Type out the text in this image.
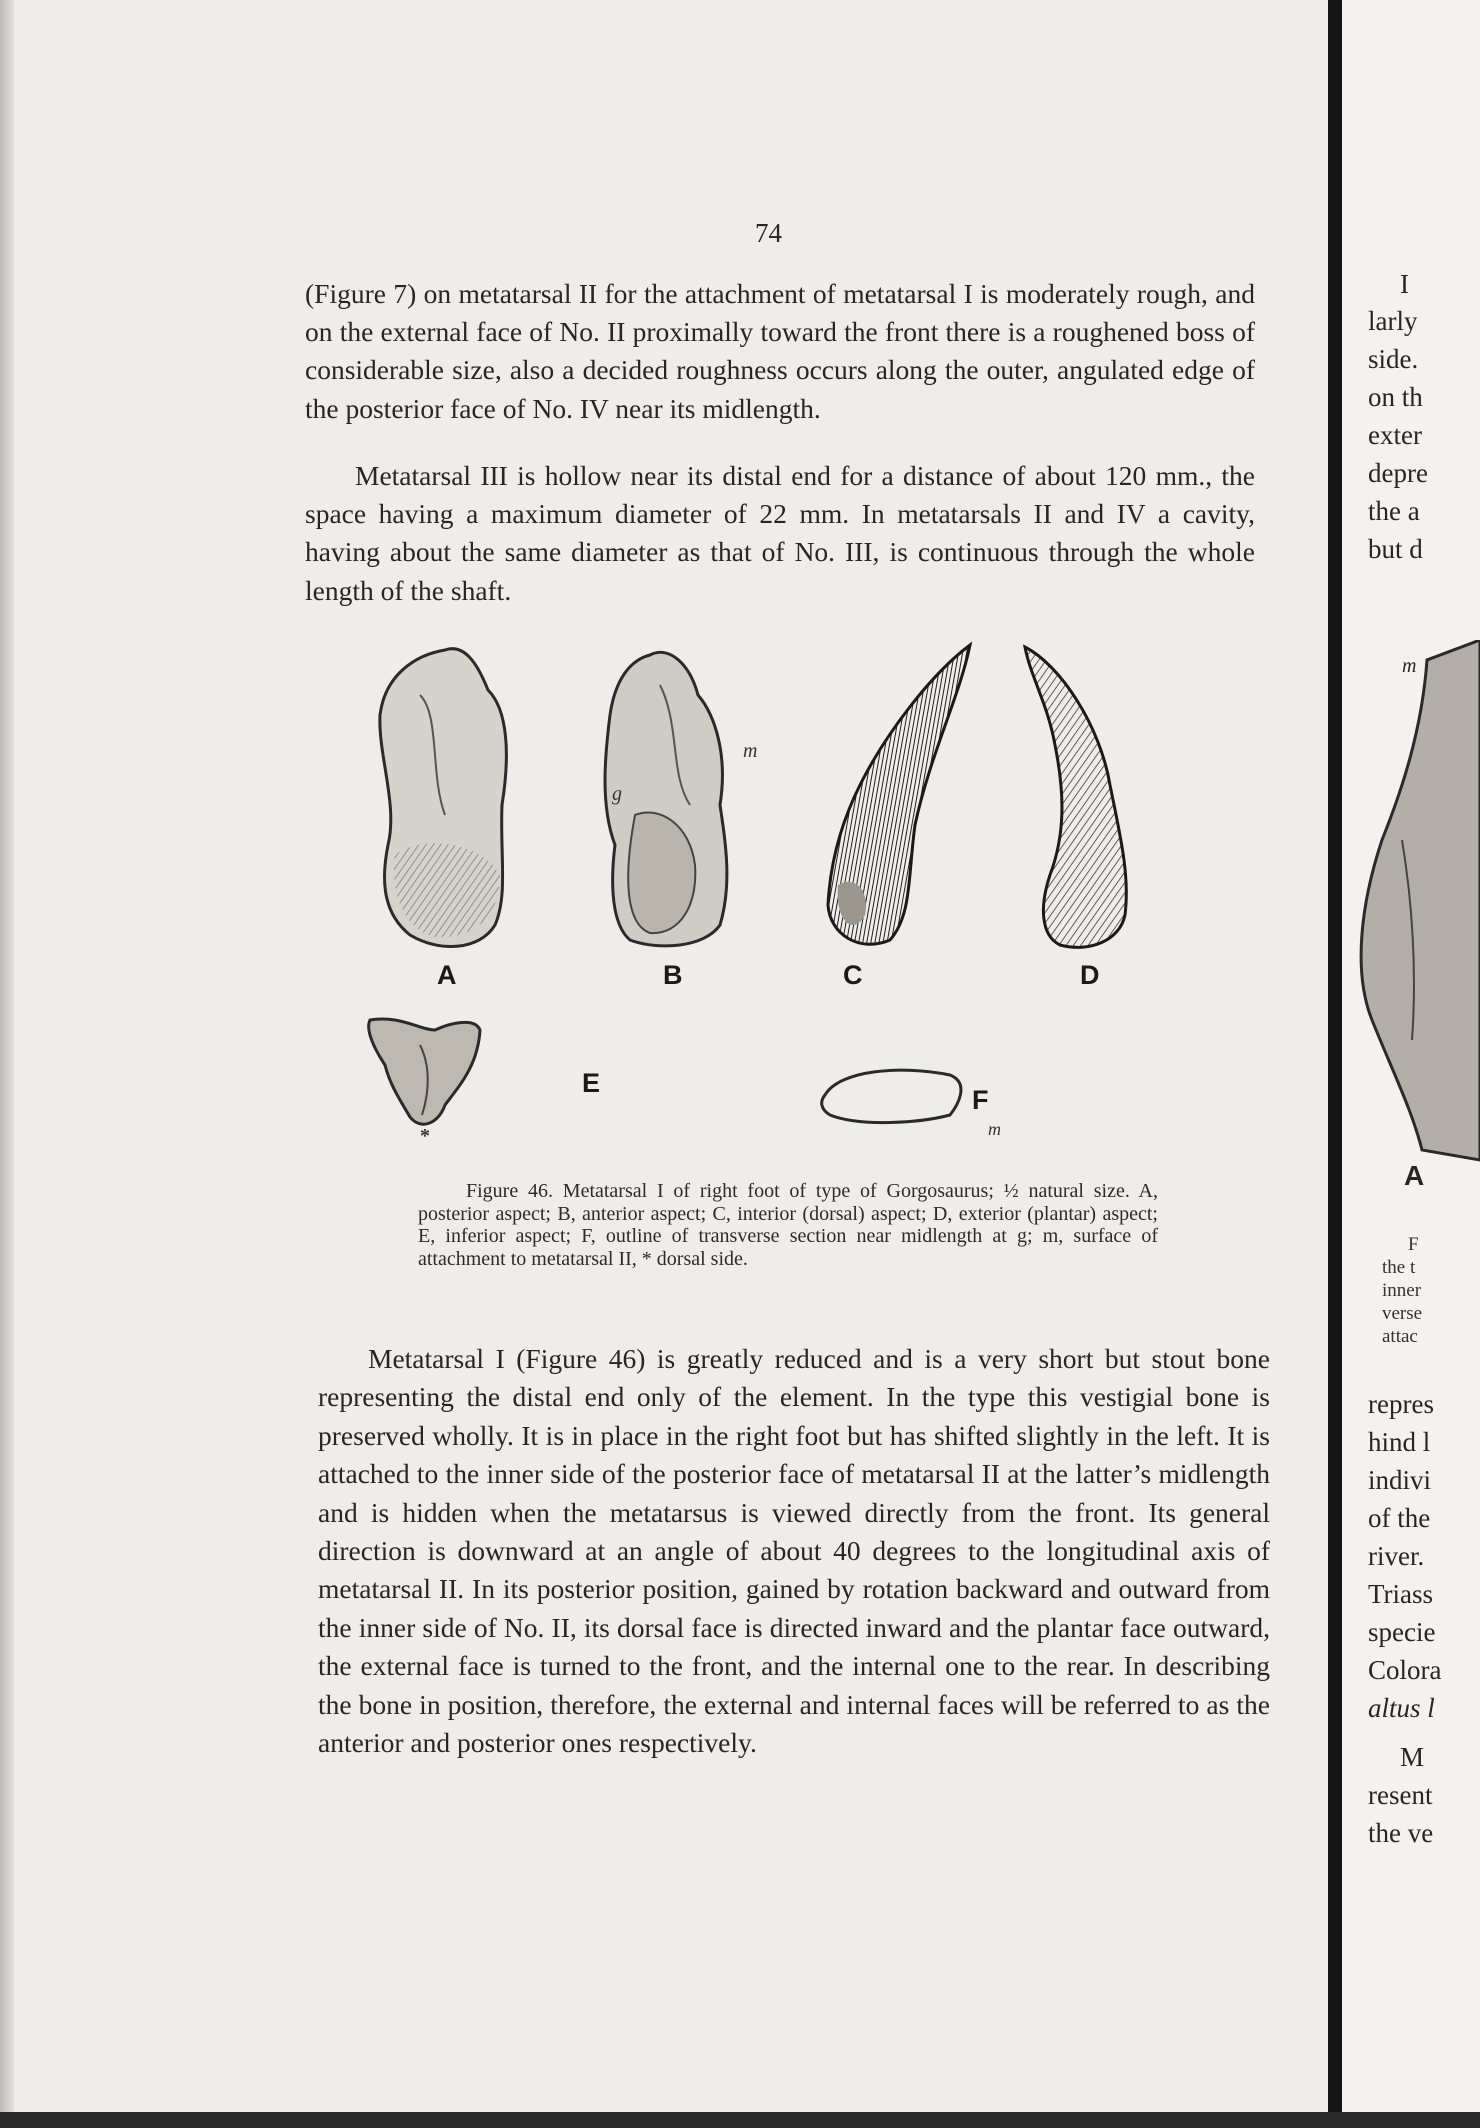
74

(Figure 7) on metatarsal II for the attachment of metatarsal I is moderately rough, and on the external face of No. II proximally toward the front there is a roughened boss of considerable size, also a decided roughness occurs along the outer, angulated edge of the posterior face of No. IV near its midlength.

Metatarsal III is hollow near its distal end for a distance of about 120 mm., the space having a maximum diameter of 22 mm. In metatarsals II and IV a cavity, having about the same diameter as that of No. III, is continuous through the whole length of the shaft.

A	B	C	D
E
F
g
m
m
*

Figure 46. Metatarsal I of right foot of type of Gorgosaurus; ½ natural size. A, posterior aspect; B, anterior aspect; C, interior (dorsal) aspect; D, exterior (plantar) aspect; E, inferior aspect; F, outline of transverse section near midlength at g; m, surface of attachment to metatarsal II, * dorsal side.

Metatarsal I (Figure 46) is greatly reduced and is a very short but stout bone representing the distal end only of the element. In the type this vestigial bone is preserved wholly. It is in place in the right foot but has shifted slightly in the left. It is attached to the inner side of the posterior face of metatarsal II at the latter’s midlength and is hidden when the metatarsus is viewed directly from the front. Its general direction is downward at an angle of about 40 degrees to the longitudinal axis of metatarsal II. In its posterior position, gained by rotation backward and outward from the inner side of No. II, its dorsal face is directed inward and the plantar face outward, the external face is turned to the front, and the internal one to the rear. In describing the bone in position, therefore, the external and internal faces will be referred to as the anterior and posterior ones respectively.

I
larly
side.
on th
exter
depre
the a
but d
m
A
F
the t
inner
verse
attac
repres
hind l
indivi
of the
river.
Triass
specie
Colora
altus l
M
resent
the ve
